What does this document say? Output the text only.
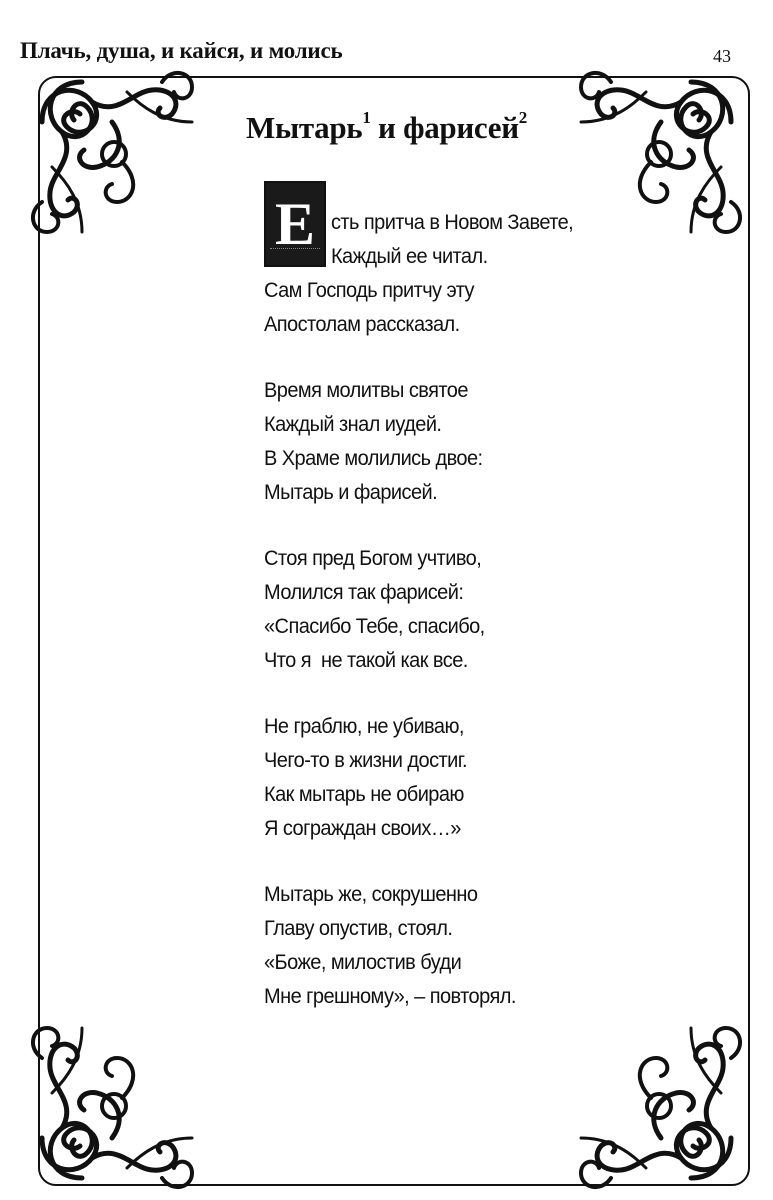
Плачь, душа, и кайся, и молись	43
Мытарь$^1$ и фарисей$^2$
Е сть притча в Новом Завете,
Каждый ее читал.
Сам Господь притчу эту
Апостолам рассказал.
Время молитвы святое
Каждый знал иудей.
В Храме молились двое:
Мытарь и фарисей.
Стоя пред Богом учтиво,
Молился так фарисей:
«Спасибо Тебе, спасибо,
Что я  не такой как все.
Не граблю, не убиваю,
Чего-то в жизни достиг.
Как мытарь не обираю
Я сограждан своих…»
Мытарь же, сокрушенно
Главу опустив, стоял.
«Боже, милостив буди
Мне грешному», – повторял.
